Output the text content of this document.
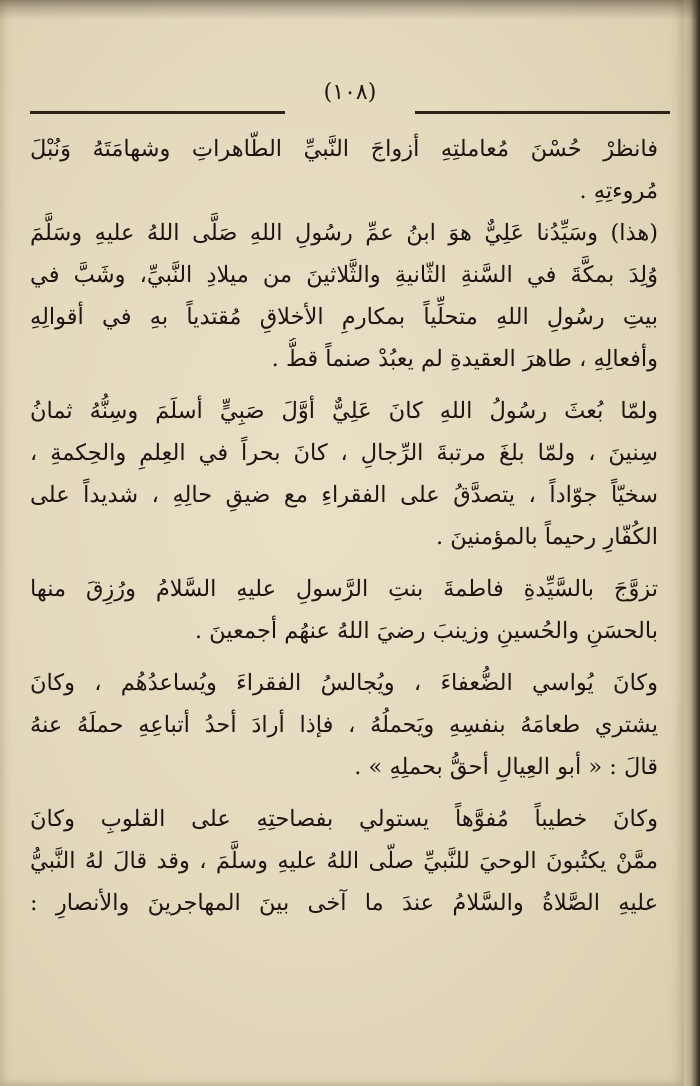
(١٠٨)
فانظرْ حُسْنَ مُعاملتِهِ أزواجَ النَّبيِّ الطّاهراتِ وشهامَتَهُ وَنُبْلَ
مُروءتِهِ .
(هذا) وسَيِّدُنا عَلِيٌّ هوَ ابنُ عمِّ رسُولِ اللهِ صَلَّى اللهُ عليهِ وسَلَّمَ
وُلِدَ بمكَّةَ في السَّنةِ الثّانيةِ والثَّلاثينَ من ميلادِ النَّبيِّ، وشَبَّ في
بيتِ رسُولِ اللهِ متحلِّياً بمكارمِ الأخلاقِ مُقتدياً بهِ في أقوالِهِ
وأفعالِهِ ، طاهرَ العقيدةِ لم يعبُدْ صنماً قطُّ .
ولمّا بُعثَ رسُولُ اللهِ كانَ عَلِيٌّ أوَّلَ صَبِيٍّ أسلَمَ وسِنُّهُ ثمانُ
سِنينَ ، ولمّا بلغَ مرتبةَ الرِّجالِ ، كانَ بحراً في العِلمِ والحِكمةِ ،
سخيّاً جوّاداً ، يتصدَّقُ على الفقراءِ مع ضيقِ حالِهِ ، شديداً على
الكُفّارِ رحيماً بالمؤمنينَ .
تزوَّجَ بالسَّيِّدةِ فاطمةَ بنتِ الرَّسولِ عليهِ السَّلامُ ورُزِقَ منها
بالحسَنِ والحُسينِ وزينبَ رضيَ اللهُ عنهُم أجمعينَ .
وكانَ يُواسي الضُّعفاءَ ، ويُجالسُ الفقراءَ ويُساعدُهُم ، وكانَ
يشتري طعامَهُ بنفسِهِ ويَحملُهُ ، فإذا أرادَ أحدُ أتباعِهِ حملَهُ عنهُ
قالَ : « أبو العِيالِ أحقُّ بحملِهِ » .
وكانَ خطيباً مُفوَّهاً يستولي بفصاحتِهِ على القلوبِ وكانَ
ممَّنْ يكتُبونَ الوحيَ للنَّبيِّ صلّى اللهُ عليهِ وسلَّمَ ، وقد قالَ لهُ النَّبيُّ
عليهِ الصَّلاةُ والسَّلامُ عندَ ما آخى بينَ المهاجرينَ والأنصارِ :
